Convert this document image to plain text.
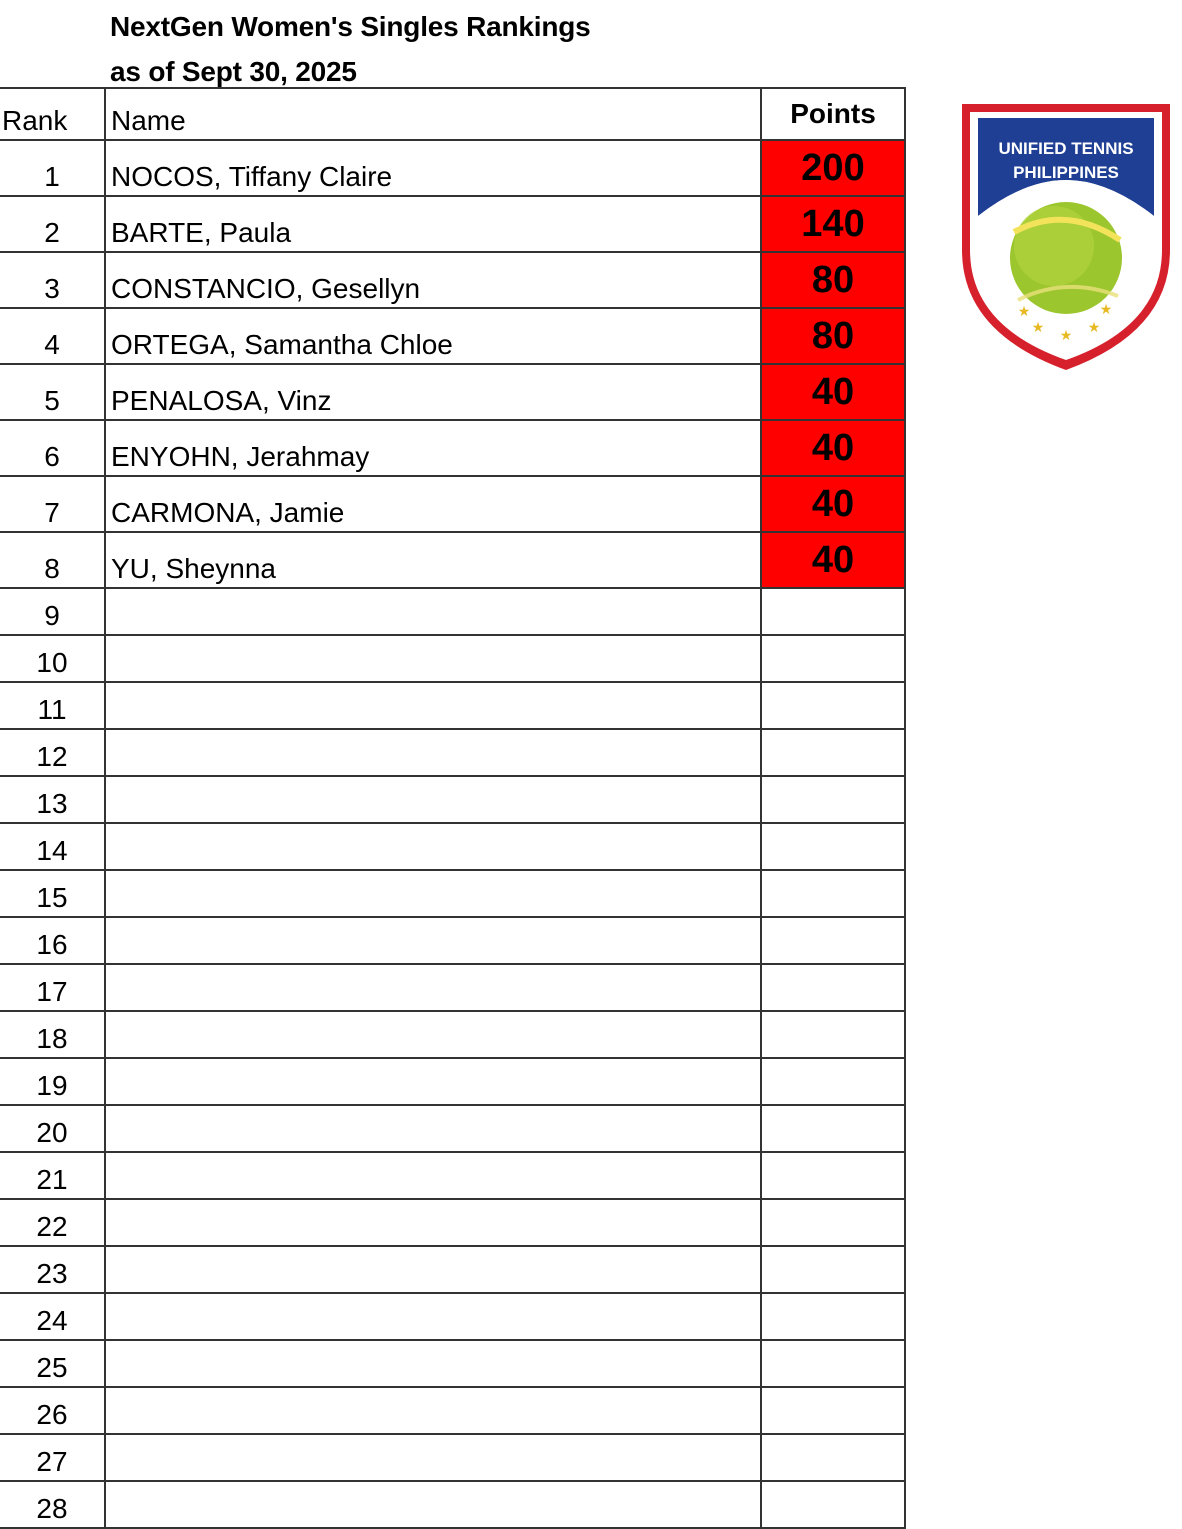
NextGen Women's Singles Rankings
as of Sept 30, 2025
Rank	Name	Points
1	NOCOS, Tiffany Claire	200
2	BARTE, Paula	140
3	CONSTANCIO, Gesellyn	80
4	ORTEGA, Samantha Chloe	80
5	PENALOSA, Vinz	40
6	ENYOHN, Jerahmay	40
7	CARMONA, Jamie	40
8	YU, Sheynna	40
9		
10		
11		
12		
13		
14		
15		
16		
17		
18		
19		
20		
21		
22		
23		
24		
25		
26		
27		
28		
UNIFIED TENNIS
PHILIPPINES
★
★ ★ ★
★
